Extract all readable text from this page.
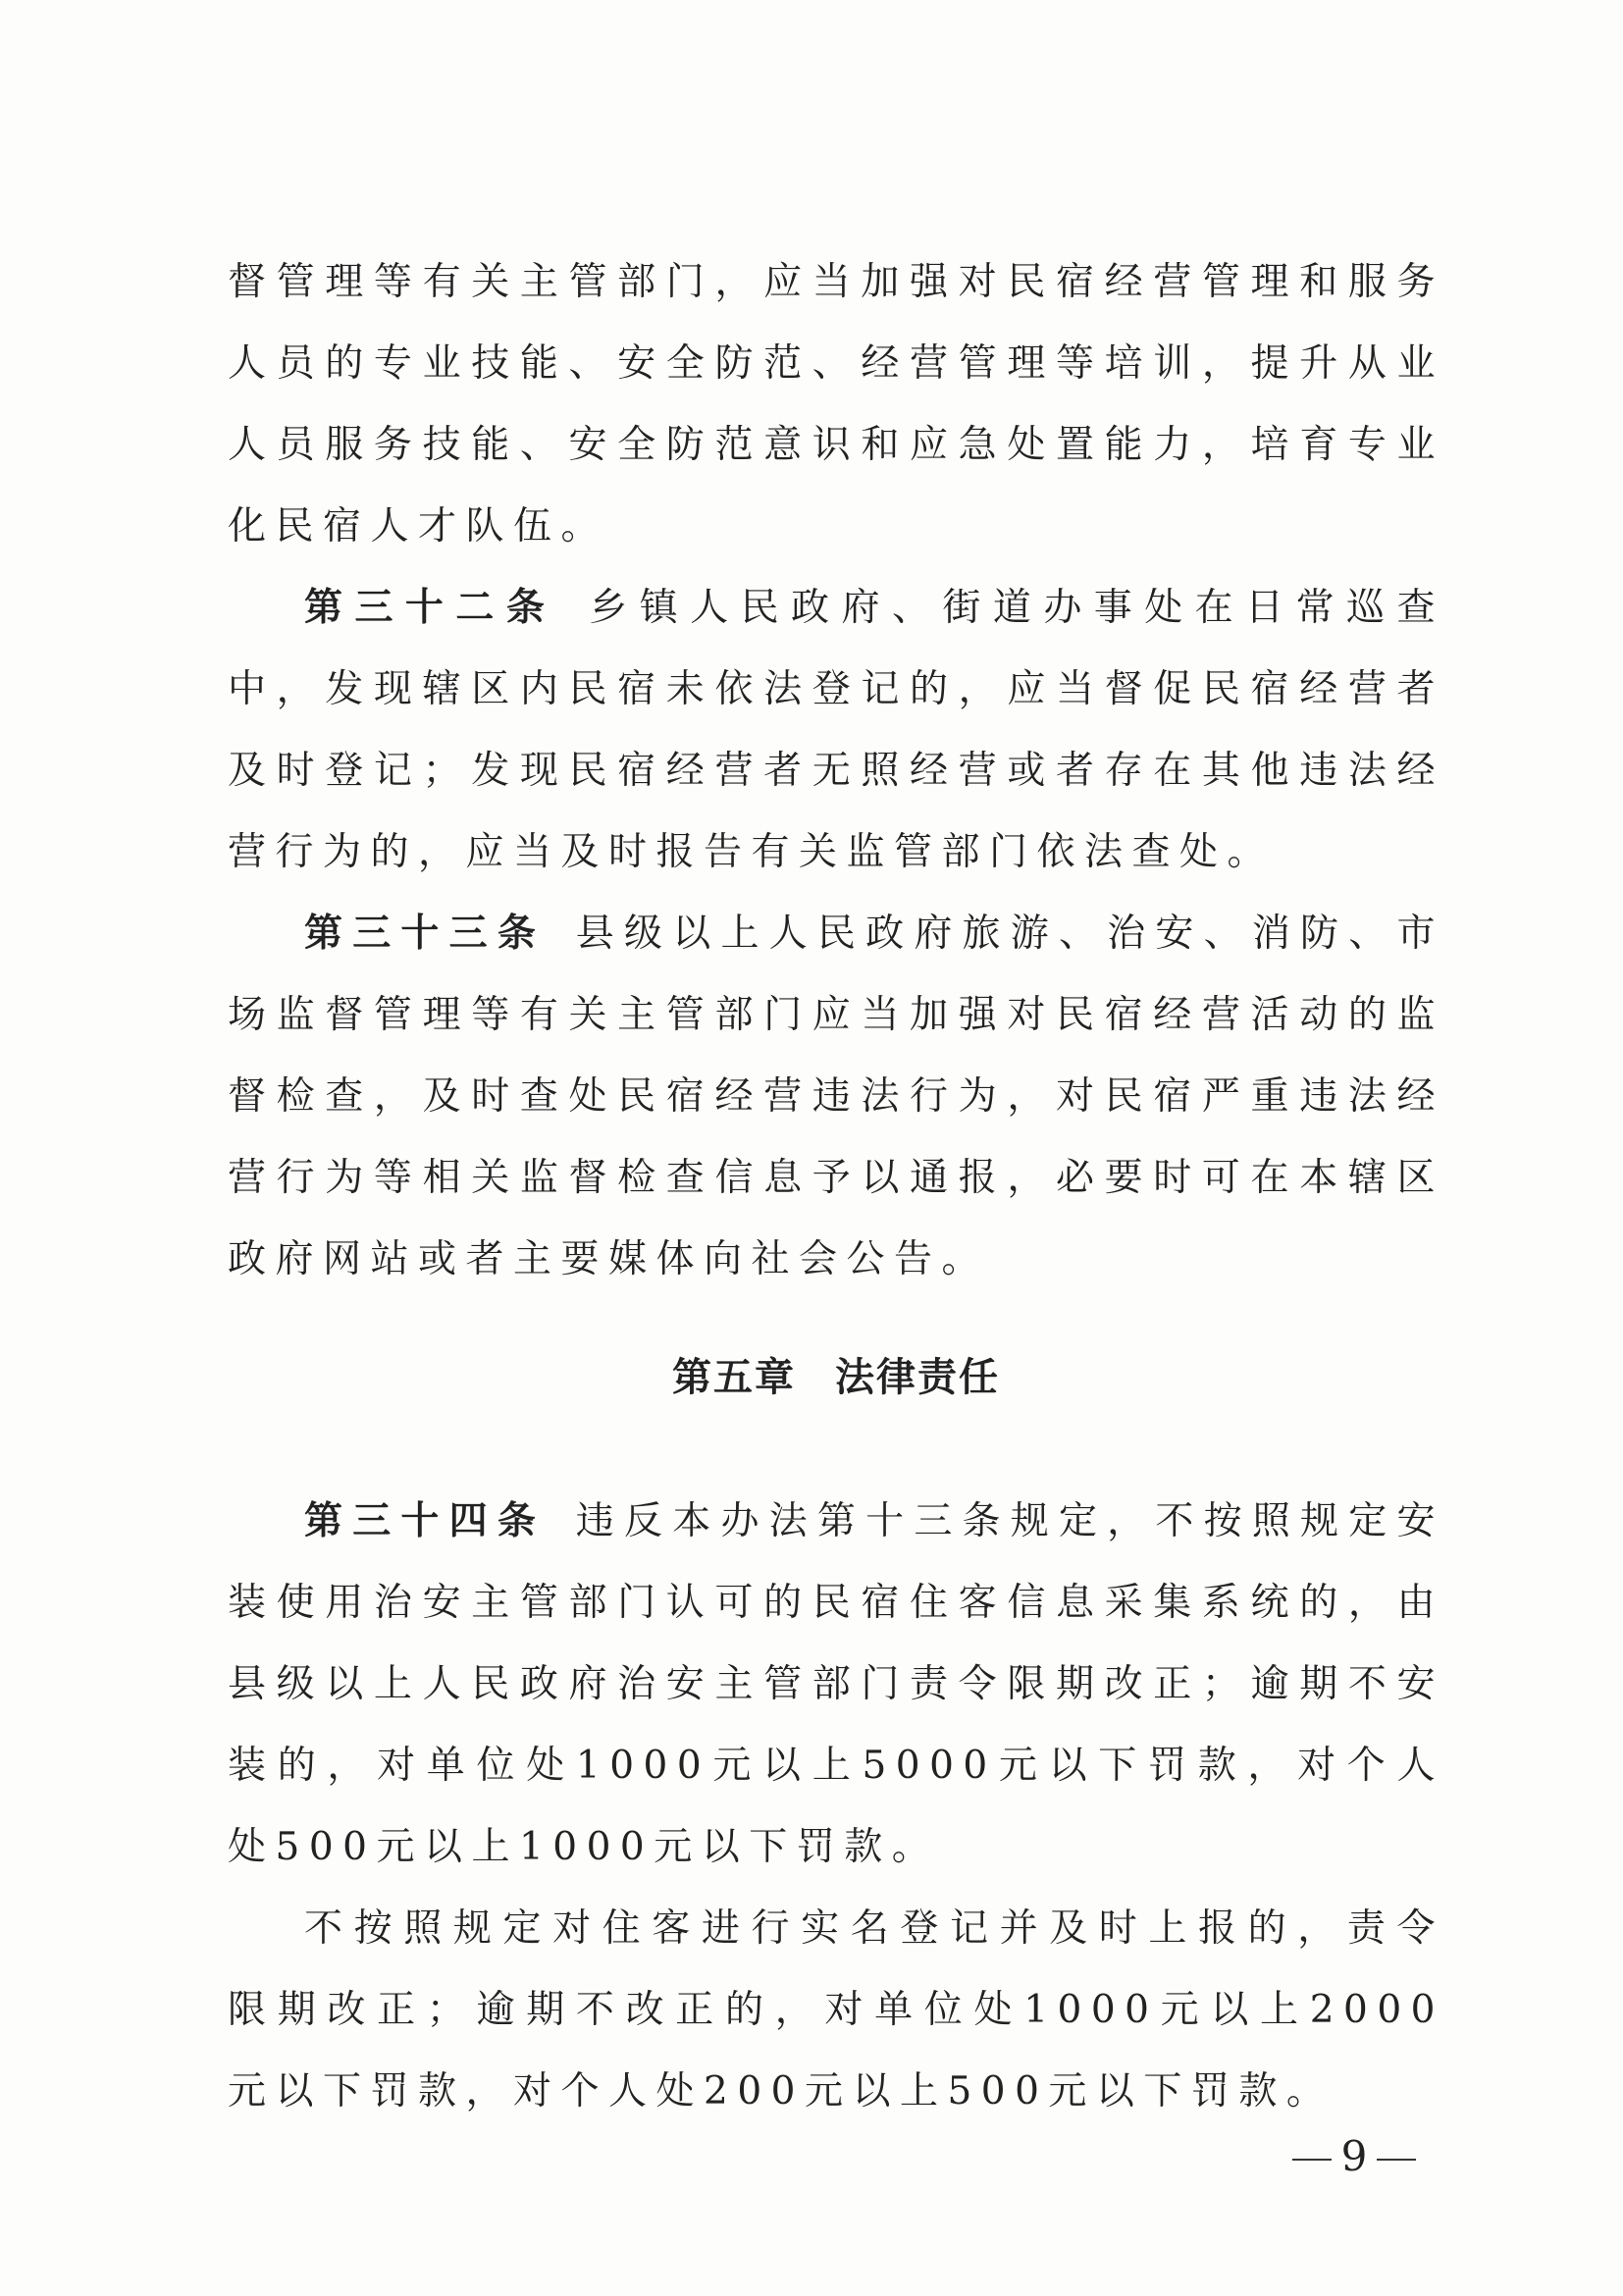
督管理等有关主管部门，应当加强对民宿经营管理和服务人员的专业技能、安全防范、经营管理等培训，提升从业人员服务技能、安全防范意识和应急处置能力，培育专业化民宿人才队伍。

第三十二条 乡镇人民政府、街道办事处在日常巡查中，发现辖区内民宿未依法登记的，应当督促民宿经营者及时登记；发现民宿经营者无照经营或者存在其他违法经营行为的，应当及时报告有关监管部门依法查处。

第三十三条 县级以上人民政府旅游、治安、消防、市场监督管理等有关主管部门应当加强对民宿经营活动的监督检查，及时查处民宿经营违法行为，对民宿严重违法经营行为等相关监督检查信息予以通报，必要时可在本辖区政府网站或者主要媒体向社会公告。

第五章 法律责任

第三十四条 违反本办法第十三条规定，不按照规定安装使用治安主管部门认可的民宿住客信息采集系统的，由县级以上人民政府治安主管部门责令限期改正；逾期不安装的，对单位处1000元以上5000元以下罚款，对个人处500元以上1000元以下罚款。

不按照规定对住客进行实名登记并及时上报的，责令限期改正；逾期不改正的，对单位处1000元以上2000元以下罚款，对个人处200元以上500元以下罚款。

9
